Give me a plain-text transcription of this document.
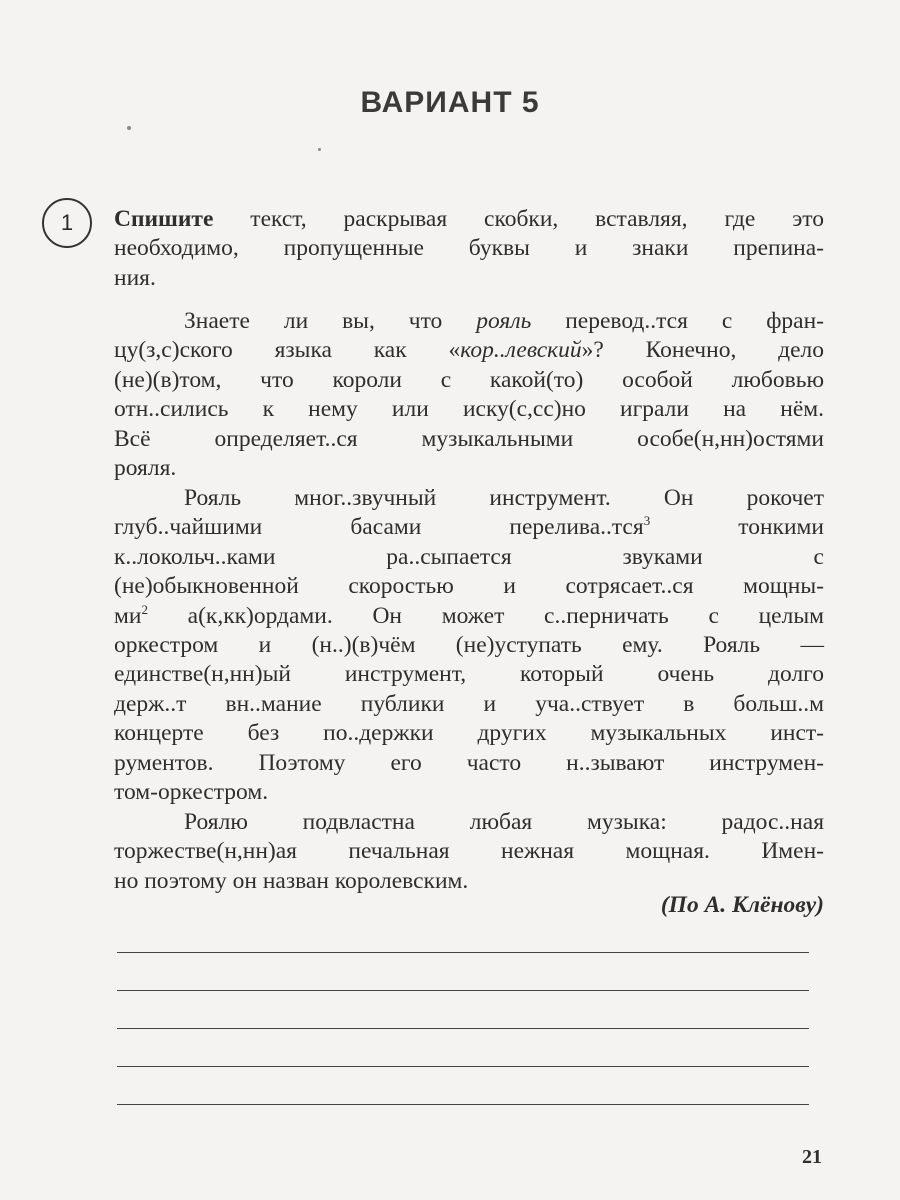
ВАРИАНТ 5
1	Спишите текст, раскрывая скобки, вставляя, где это
необходимо, пропущенные буквы и знаки препина-
ния.
Знаете ли вы, что рояль перевод..тся с фран-
цу(з,с)ского языка как «кор..левский»? Конечно, дело
(не)(в)том, что короли с какой(то) особой любовью
отн..сились к нему или иску(с,сс)но играли на нём.
Всё определяет..ся музыкальными особе(н,нн)остями
рояля.
Рояль мног..звучный инструмент. Он рокочет
глуб..чайшими басами перелива..тся$^3$ тонкими
к..локольч..ками ра..сыпается звуками с
(не)обыкновенной скоростью и сотрясает..ся мощны-
$ми^2$ а(к,кк)ордами. Он может с..перничать с целым
оркестром и (н..)(в)чём (не)уступать ему. Рояль —
единстве(н,нн)ый инструмент, который очень долго
держ..т вн..мание публики и уча..ствует в больш..м
концерте без по..держки других музыкальных инст-
рументов. Поэтому его часто н..зывают инструмен-
том-оркестром.
Роялю подвластна любая музыка: радос..ная
торжестве(н,нн)ая печальная нежная мощная. Имен-
но поэтому он назван королевским.
(По А. Клёнову)
21
